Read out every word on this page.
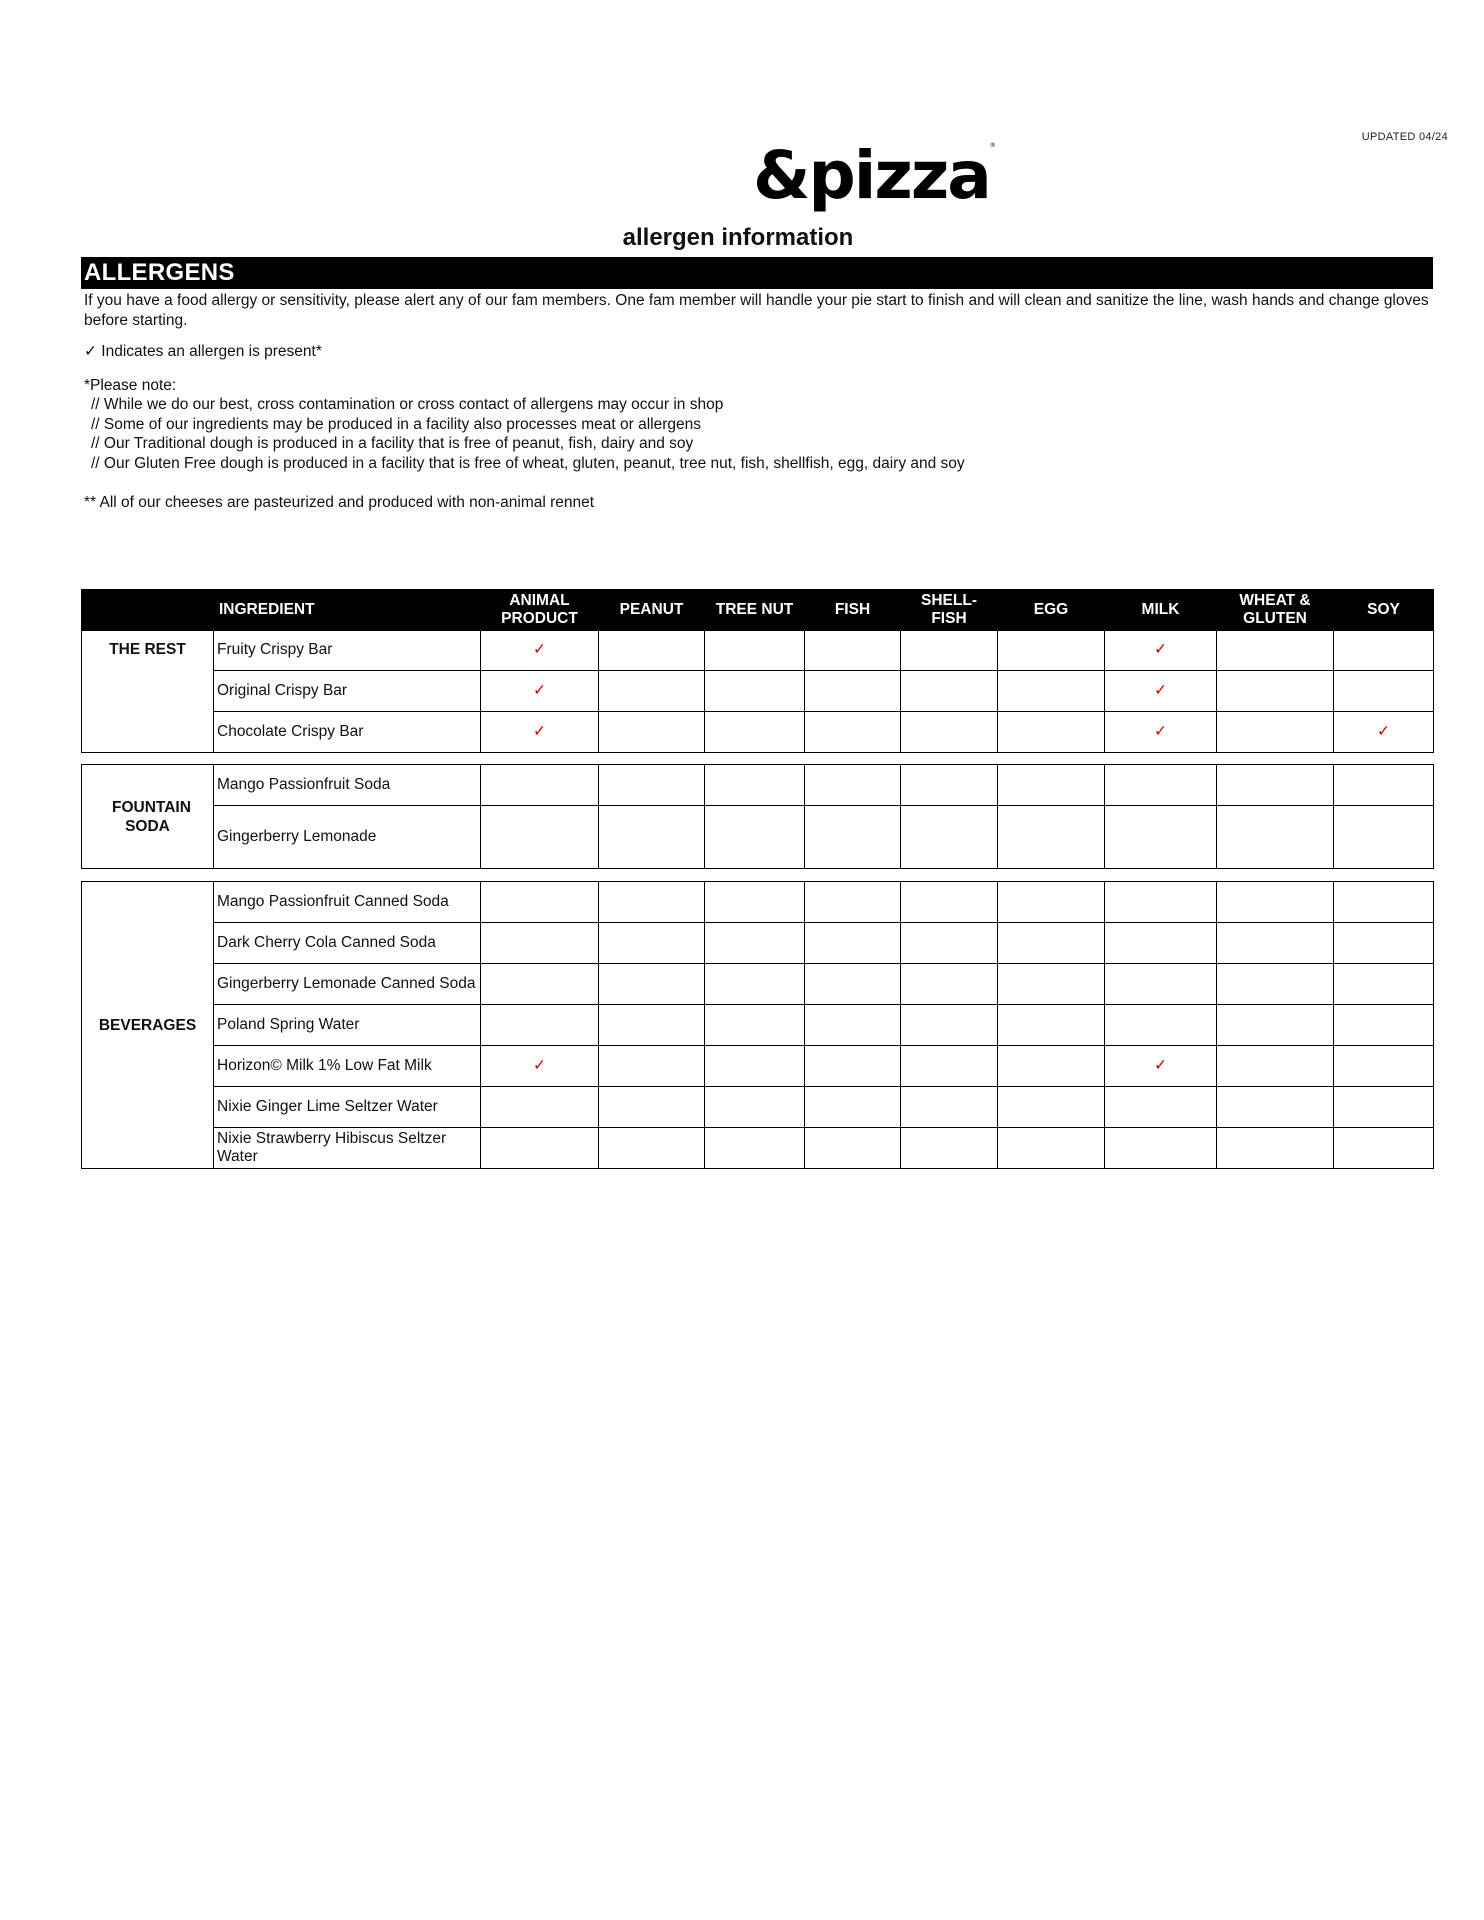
UPDATED 04/24
&pizza®
allergen information
ALLERGENS

If you have a food allergy or sensitivity, please alert any of our fam members. One fam member will handle your pie start to finish and will clean and sanitize the line, wash hands and change gloves before starting.

✓ Indicates an allergen is present*

*Please note:

// While we do our best, cross contamination or cross contact of allergens may occur in shop

// Some of our ingredients may be produced in a facility also processes meat or allergens

// Our Traditional dough is produced in a facility that is free of peanut, fish, dairy and soy

// Our Gluten Free dough is produced in a facility that is free of wheat, gluten, peanut, tree nut, fish, shellfish, egg, dairy and soy

** All of our cheeses are pasteurized and produced with non-animal rennet

	INGREDIENT	ANIMAL PRODUCT	PEANUT	TREE NUT	FISH	SHELL- FISH	EGG	MILK	WHEAT & GLUTEN	SOY
THE REST	Fruity Crispy Bar	✓						✓		
	Original Crispy Bar	✓						✓		
	Chocolate Crispy Bar	✓						✓		✓
FOUNTAIN SODA	Mango Passionfruit Soda									
	Gingerberry Lemonade									
BEVERAGES	Mango Passionfruit Canned Soda									
	Dark Cherry Cola Canned Soda									
	Gingerberry Lemonade Canned Soda									
	Poland Spring Water									
	Horizon© Milk 1% Low Fat Milk	✓						✓		
	Nixie Ginger Lime Seltzer Water									
	Nixie Strawberry Hibiscus Seltzer Water									
